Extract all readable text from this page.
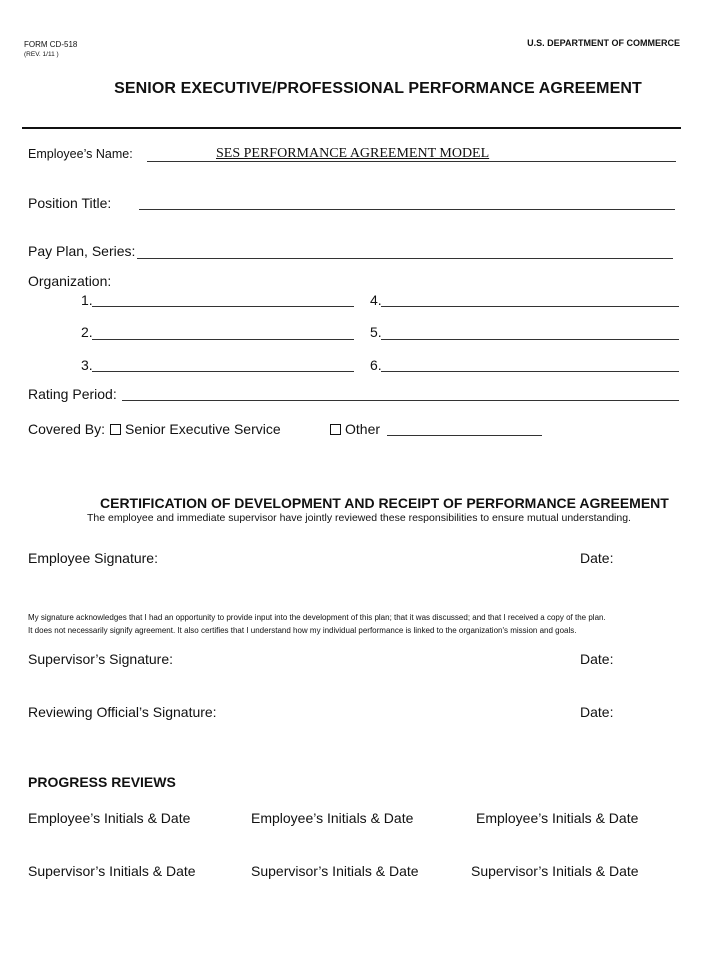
FORM CD-518
(REV. 1/11 )
U.S. DEPARTMENT OF COMMERCE
SENIOR EXECUTIVE/PROFESSIONAL PERFORMANCE AGREEMENT
Employee’s Name:	SES PERFORMANCE AGREEMENT MODEL
Position Title:
Pay Plan, Series:
Organization:
1.
2.
3.
4.
5.
6.
Rating Period:
Covered By:	Senior Executive Service	Other
CERTIFICATION OF DEVELOPMENT AND RECEIPT OF PERFORMANCE AGREEMENT
The employee and immediate supervisor have jointly reviewed these responsibilities to ensure mutual understanding.
Employee Signature:	Date:
My signature acknowledges that I had an opportunity to provide input into the development of this plan; that it was discussed; and that I received a copy of the plan.
It does not necessarily signify agreement. It also certifies that I understand how my individual performance is linked to the organization's mission and goals.
Supervisor’s Signature:	Date:
Reviewing Official’s Signature:	Date:
PROGRESS REVIEWS
Employee’s Initials & Date	Employee’s Initials & Date	Employee’s Initials & Date
Supervisor’s Initials & Date	Supervisor’s Initials & Date	Supervisor’s Initials & Date
